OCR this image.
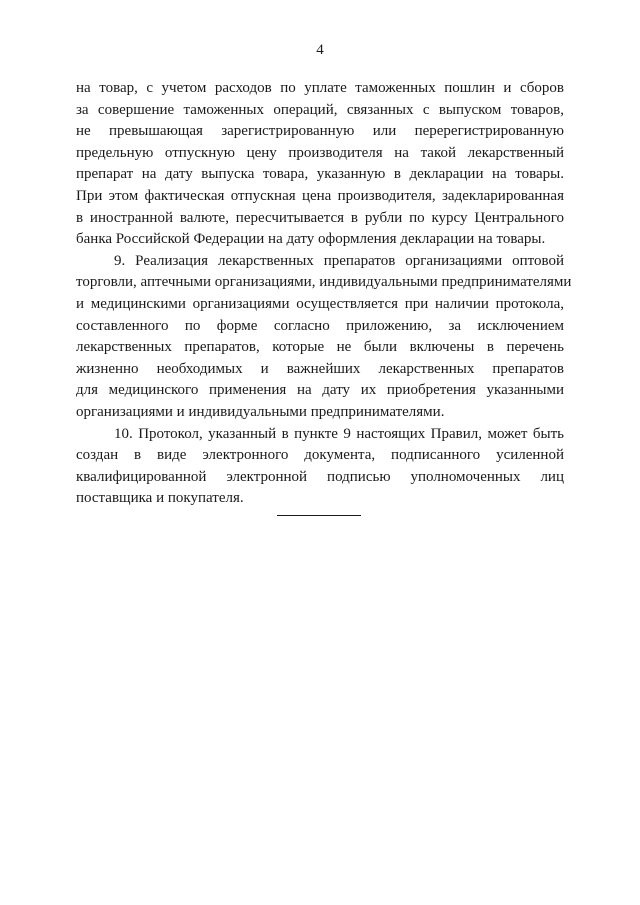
4

на товар, с учетом расходов по уплате таможенных пошлин и сборов
за совершение таможенных операций, связанных с выпуском товаров,
не превышающая зарегистрированную или перерегистрированную
предельную отпускную цену производителя на такой лекарственный
препарат на дату выпуска товара, указанную в декларации на товары.
При этом фактическая отпускная цена производителя, задекларированная
в иностранной валюте, пересчитывается в рубли по курсу Центрального
банка Российской Федерации на дату оформления декларации на товары.

9. Реализация лекарственных препаратов организациями оптовой
торговли, аптечными организациями, индивидуальными предпринимателями
и медицинскими организациями осуществляется при наличии протокола,
составленного по форме согласно приложению, за исключением
лекарственных препаратов, которые не были включены в перечень
жизненно необходимых и важнейших лекарственных препаратов
для медицинского применения на дату их приобретения указанными
организациями и индивидуальными предпринимателями.

10. Протокол, указанный в пункте 9 настоящих Правил, может быть
создан в виде электронного документа, подписанного усиленной
квалифицированной электронной подписью уполномоченных лиц
поставщика и покупателя.
